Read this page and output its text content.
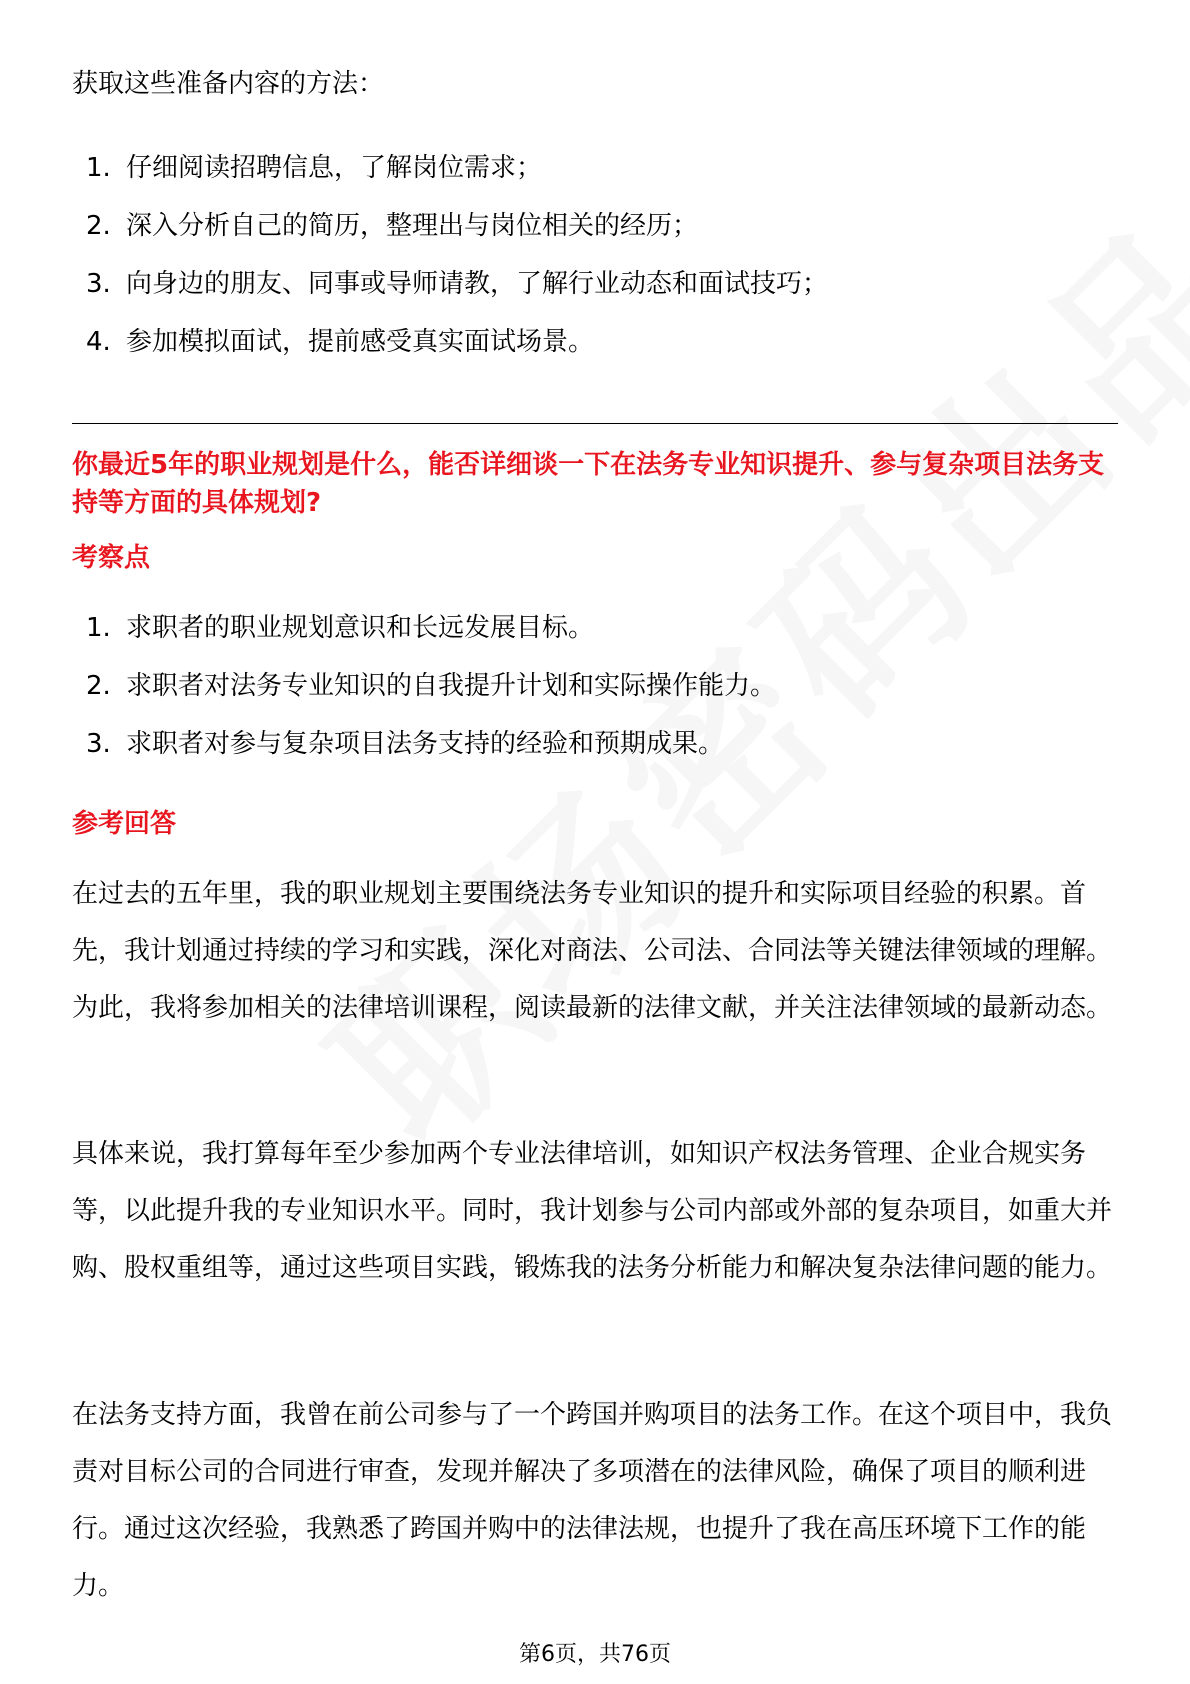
获取这些准备内容的方法：

1. 仔细阅读招聘信息，了解岗位需求；
2. 深入分析自己的简历，整理出与岗位相关的经历；
3. 向身边的朋友、同事或导师请教，了解行业动态和面试技巧；
4. 参加模拟面试，提前感受真实面试场景。

你最近5年的职业规划是什么，能否详细谈一下在法务专业知识提升、参与复杂项目法务支持等方面的具体规划?

考察点

1. 求职者的职业规划意识和长远发展目标。
2. 求职者对法务专业知识的自我提升计划和实际操作能力。
3. 求职者对参与复杂项目法务支持的经验和预期成果。

参考回答

在过去的五年里，我的职业规划主要围绕法务专业知识的提升和实际项目经验的积累。首先，我计划通过持续的学习和实践，深化对商法、公司法、合同法等关键法律领域的理解。为此，我将参加相关的法律培训课程，阅读最新的法律文献，并关注法律领域的最新动态。

具体来说，我打算每年至少参加两个专业法律培训，如知识产权法务管理、企业合规实务等，以此提升我的专业知识水平。同时，我计划参与公司内部或外部的复杂项目，如重大并购、股权重组等，通过这些项目实践，锻炼我的法务分析能力和解决复杂法律问题的能力。

在法务支持方面，我曾在前公司参与了一个跨国并购项目的法务工作。在这个项目中，我负责对目标公司的合同进行审查，发现并解决了多项潜在的法律风险，确保了项目的顺利进行。通过这次经验，我熟悉了跨国并购中的法律法规，也提升了我在高压环境下工作的能力。

第6页，共76页
